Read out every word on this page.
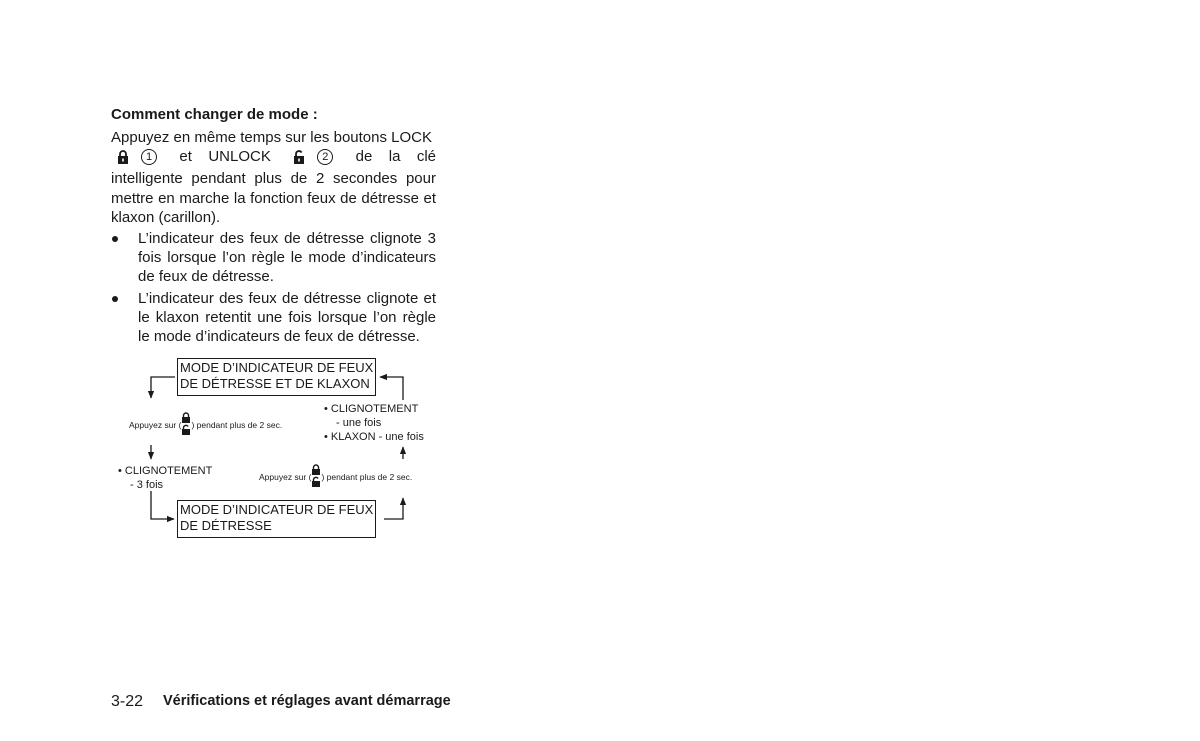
Comment changer de mode :

Appuyez en même temps sur les boutons LOCK
1 et UNLOCK	2 de la clé intelligente pendant plus de 2 secondes pour mettre en marche la fonction feux de détresse et klaxon (carillon).

L’indicateur des feux de détresse clignote 3 fois lorsque l’on règle le mode d’indicateurs de feux de détresse.
L’indicateur des feux de détresse clignote et le klaxon retentit une fois lorsque l’on règle le mode d’indicateurs de feux de détresse.
MODE D’INDICATEUR DE FEUX
DE DÉTRESSE ET DE KLAXON
MODE D’INDICATEUR DE FEUX
DE DÉTRESSE
Appuyez sur ( ) pendant plus de 2 sec.
• CLIGNOTEMENT
- une fois
• KLAXON - une fois
• CLIGNOTEMENT
- 3 fois
Appuyez sur ( ) pendant plus de 2 sec.
3-22 Vérifications et réglages avant démarrage
